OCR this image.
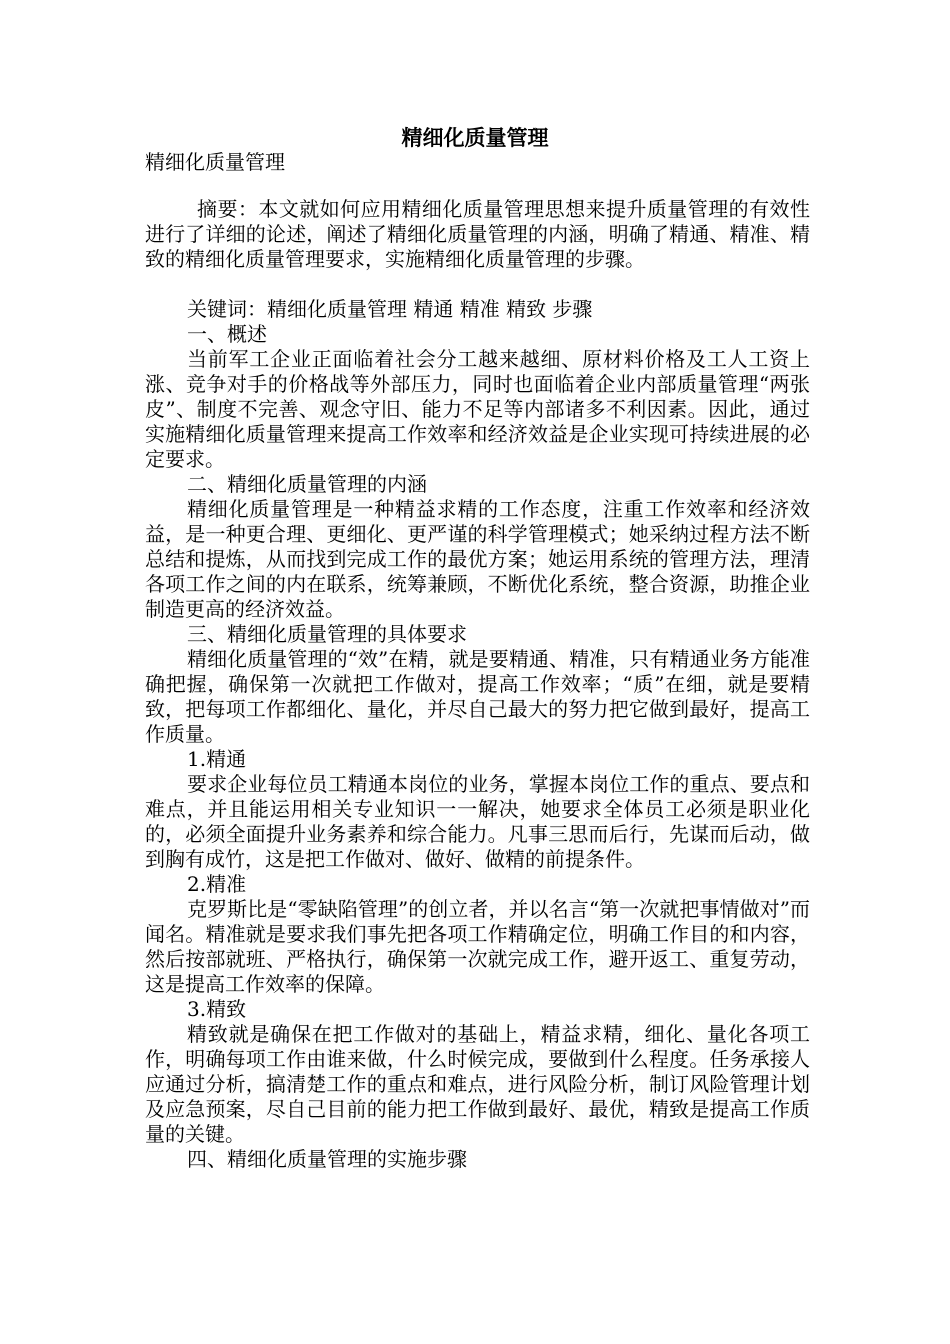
精细化质量管理

精细化质量管理

摘要：本文就如何应用精细化质量管理思想来提升质量管理的有效性进行了详细的论述，阐述了精细化质量管理的内涵，明确了精通、精准、精致的精细化质量管理要求，实施精细化质量管理的步骤。

关键词：精细化质量管理 精通 精准 精致 步骤

一、概述

当前军工企业正面临着社会分工越来越细、原材料价格及工人工资上涨、竞争对手的价格战等外部压力，同时也面临着企业内部质量管理“两张皮”、制度不完善、观念守旧、能力不足等内部诸多不利因素。因此，通过实施精细化质量管理来提高工作效率和经济效益是企业实现可持续进展的必定要求。

二、精细化质量管理的内涵

精细化质量管理是一种精益求精的工作态度，注重工作效率和经济效益，是一种更合理、更细化、更严谨的科学管理模式；她采纳过程方法不断总结和提炼，从而找到完成工作的最优方案；她运用系统的管理方法，理清各项工作之间的内在联系，统筹兼顾，不断优化系统，整合资源，助推企业制造更高的经济效益。

三、精细化质量管理的具体要求

精细化质量管理的“效”在精，就是要精通、精准，只有精通业务方能准确把握，确保第一次就把工作做对，提高工作效率；“质”在细，就是要精致，把每项工作都细化、量化，并尽自己最大的努力把它做到最好，提高工作质量。

1.精通

要求企业每位员工精通本岗位的业务，掌握本岗位工作的重点、要点和难点，并且能运用相关专业知识一一解决，她要求全体员工必须是职业化的，必须全面提升业务素养和综合能力。凡事三思而后行，先谋而后动，做到胸有成竹，这是把工作做对、做好、做精的前提条件。

2.精准

克罗斯比是“零缺陷管理”的创立者，并以名言“第一次就把事情做对”而闻名。精准就是要求我们事先把各项工作精确定位，明确工作目的和内容，然后按部就班、严格执行，确保第一次就完成工作，避开返工、重复劳动，这是提高工作效率的保障。

3.精致

精致就是确保在把工作做对的基础上，精益求精，细化、量化各项工作，明确每项工作由谁来做，什么时候完成，要做到什么程度。任务承接人应通过分析，搞清楚工作的重点和难点，进行风险分析，制订风险管理计划及应急预案，尽自己目前的能力把工作做到最好、最优，精致是提高工作质量的关键。

四、精细化质量管理的实施步骤
